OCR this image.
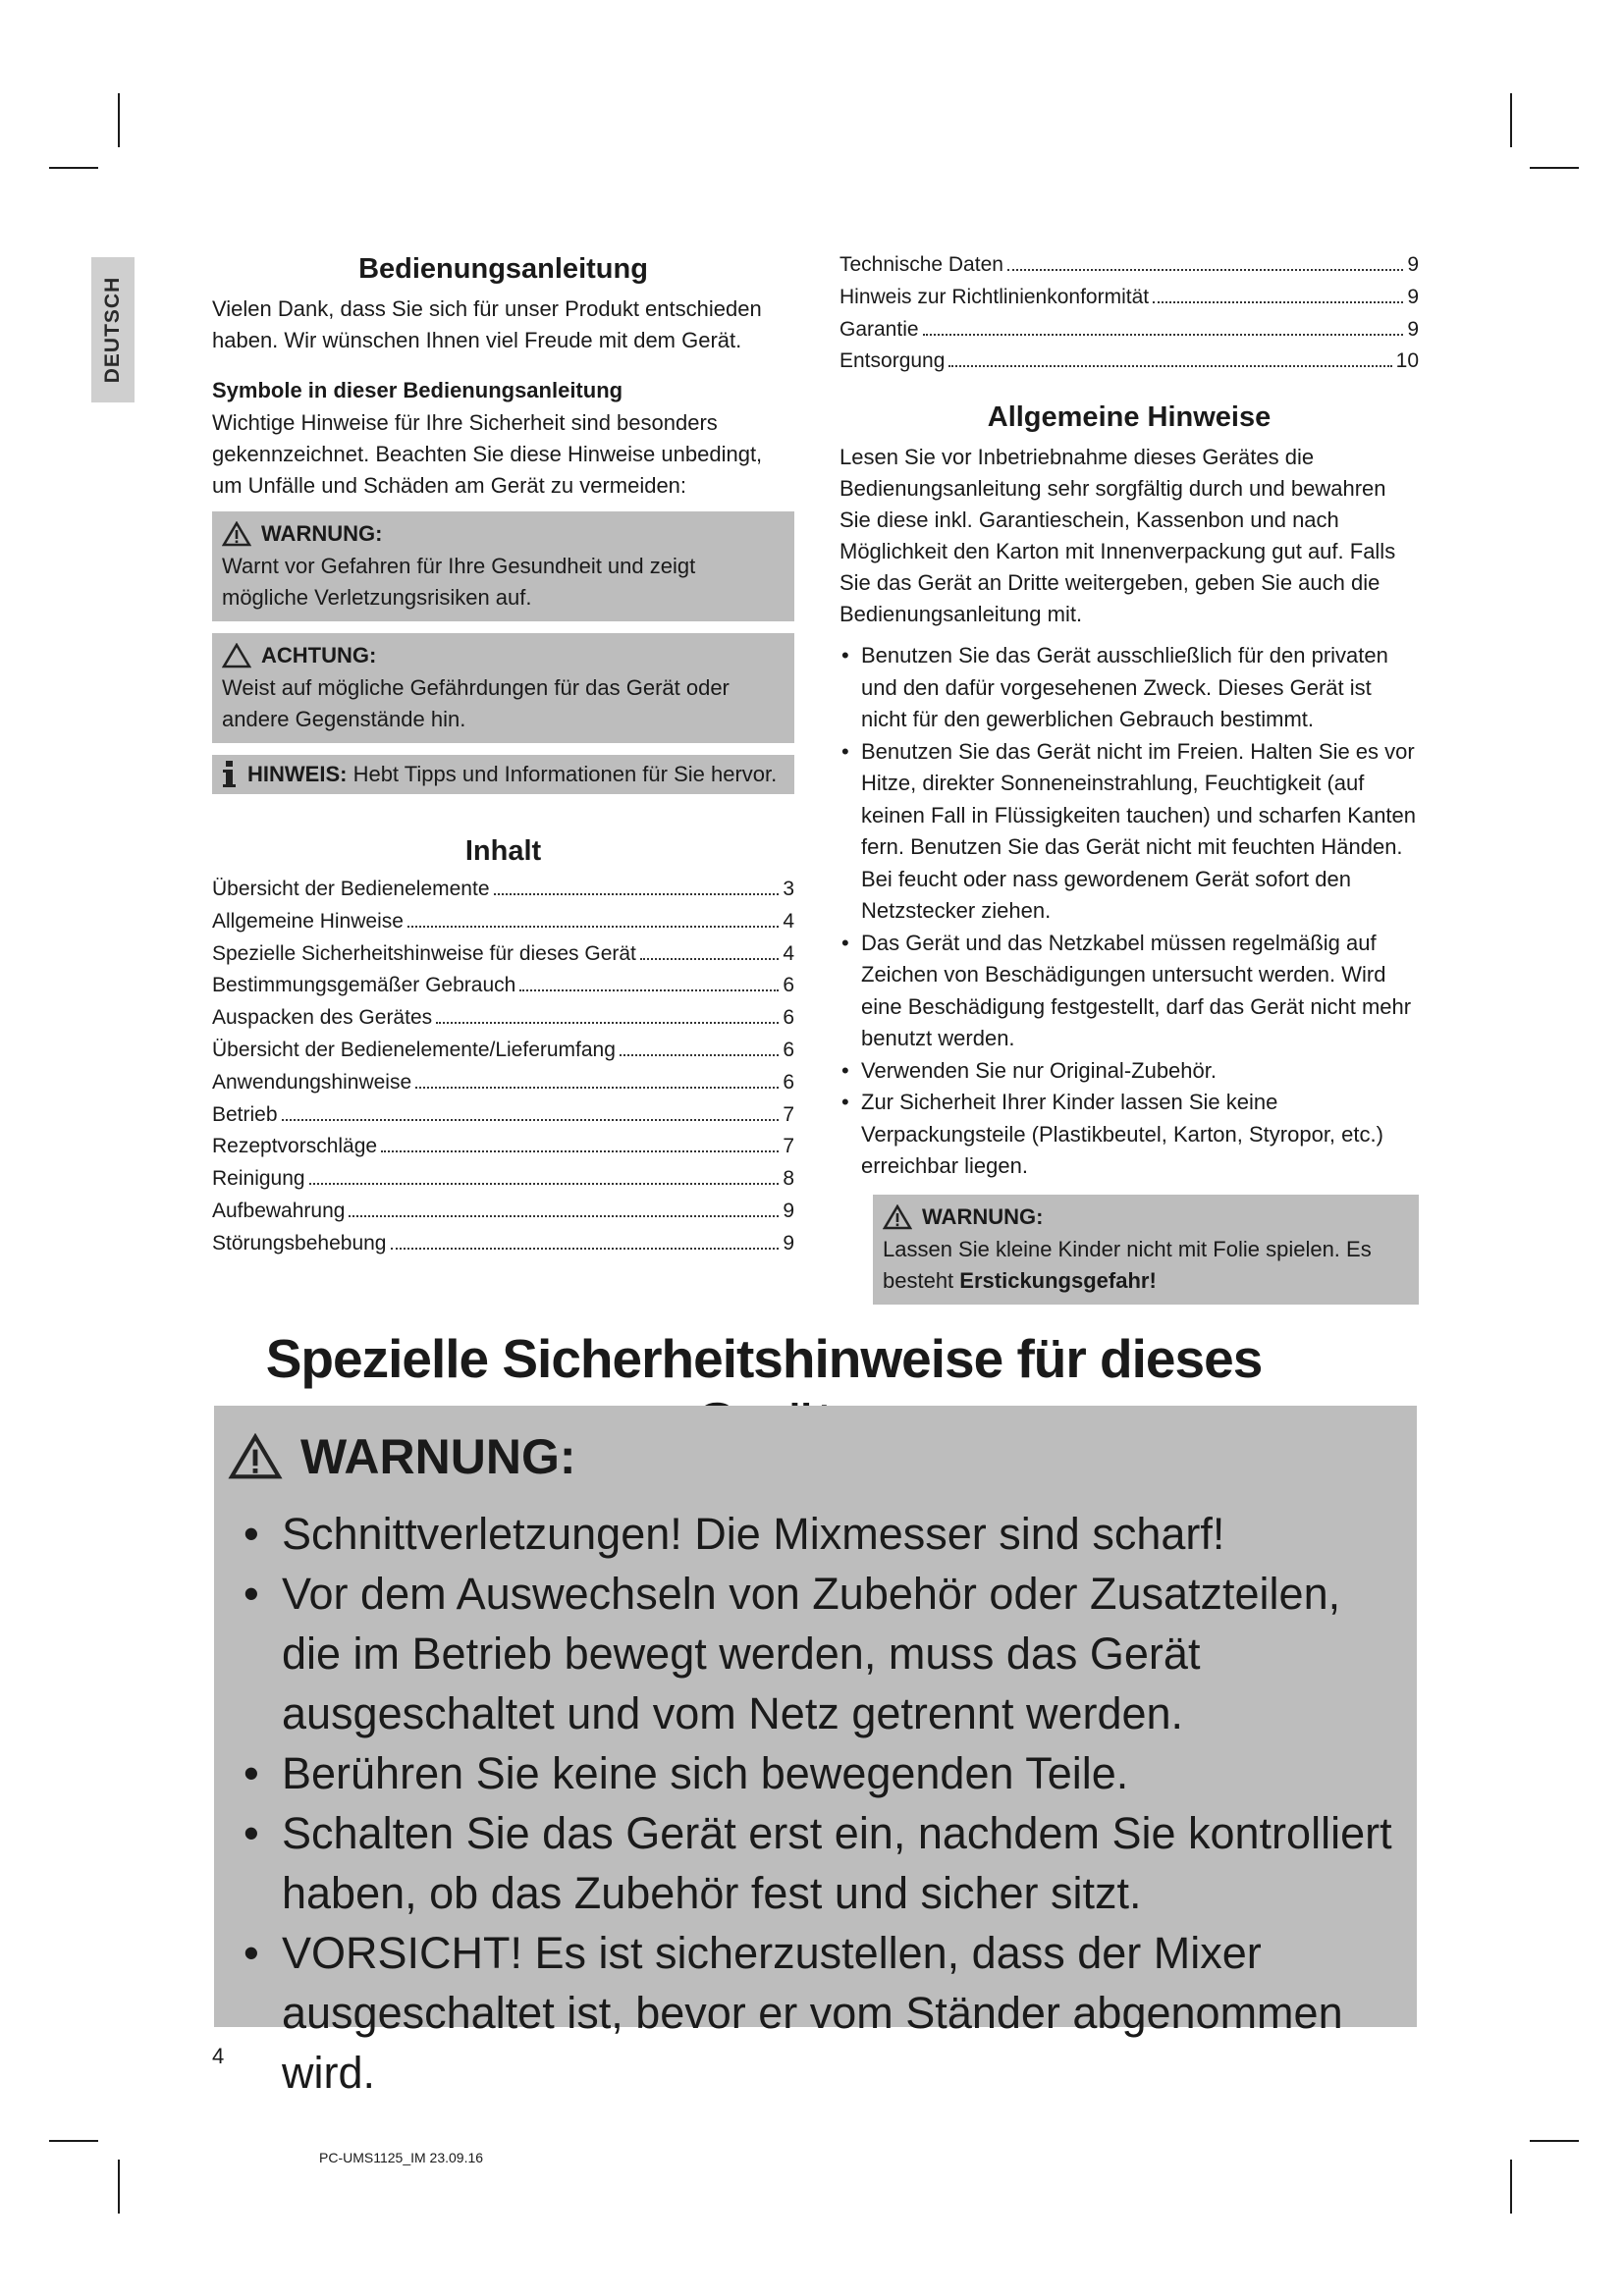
DEUTSCH
Bedienungsanleitung

Vielen Dank, dass Sie sich für unser Produkt entschieden haben. Wir wünschen Ihnen viel Freude mit dem Gerät.

Symbole in dieser Bedienungsanleitung

Wichtige Hinweise für Ihre Sicherheit sind besonders gekennzeichnet. Beachten Sie diese Hinweise unbedingt, um Unfälle und Schäden am Gerät zu vermeiden:

WARNUNG:

Warnt vor Gefahren für Ihre Gesundheit und zeigt mögliche Verletzungsrisiken auf.

ACHTUNG:

Weist auf mögliche Gefährdungen für das Gerät oder andere Gegenstände hin.

HINWEIS: Hebt Tipps und Informationen für Sie hervor.
Inhalt
Übersicht der Bedienelemente	3
Allgemeine Hinweise	4
Spezielle Sicherheitshinweise für dieses Gerät	4
Bestimmungsgemäßer Gebrauch	6
Auspacken des Gerätes	6
Übersicht der Bedienelemente/Lieferumfang	6
Anwendungshinweise	6
Betrieb	7
Rezeptvorschläge	7
Reinigung	8
Aufbewahrung	9
Störungsbehebung	9
Technische Daten	9
Hinweis zur Richtlinienkonformität	9
Garantie	9
Entsorgung	10
Allgemeine Hinweise

Lesen Sie vor Inbetriebnahme dieses Gerätes die Bedienungsanleitung sehr sorgfältig durch und bewahren Sie diese inkl. Garantieschein, Kassenbon und nach Möglichkeit den Karton mit Innenverpackung gut auf. Falls Sie das Gerät an Dritte weitergeben, geben Sie auch die Bedienungsanleitung mit.

• Benutzen Sie das Gerät ausschließlich für den privaten und den dafür vorgesehenen Zweck. Dieses Gerät ist nicht für den gewerblichen Gebrauch bestimmt.
• Benutzen Sie das Gerät nicht im Freien. Halten Sie es vor Hitze, direkter Sonneneinstrahlung, Feuchtigkeit (auf keinen Fall in Flüssigkeiten tauchen) und scharfen Kanten fern. Benutzen Sie das Gerät nicht mit feuchten Händen. Bei feucht oder nass gewordenem Gerät sofort den Netzstecker ziehen.
• Das Gerät und das Netzkabel müssen regelmäßig auf Zeichen von Beschädigungen untersucht werden. Wird eine Beschädigung festgestellt, darf das Gerät nicht mehr benutzt werden.
• Verwenden Sie nur Original-Zubehör.
• Zur Sicherheit Ihrer Kinder lassen Sie keine Verpackungsteile (Plastikbeutel, Karton, Styropor, etc.) erreichbar liegen.
WARNUNG:

Lassen Sie kleine Kinder nicht mit Folie spielen. Es besteht Erstickungsgefahr!

Spezielle Sicherheitshinweise für dieses
WARNUNG:
• Schnittverletzungen! Die Mixmesser sind scharf!
• Vor dem Auswechseln von Zubehör oder Zusatzteilen, die im Betrieb bewegt werden, muss das Gerät ausgeschaltet und vom Netz getrennt werden.
• Berühren Sie keine sich bewegenden Teile.
• Schalten Sie das Gerät erst ein, nachdem Sie kontrolliert haben, ob das Zubehör fest und sicher sitzt.
• VORSICHT! Es ist sicherzustellen, dass der Mixer ausgeschaltet ist, bevor er vom Ständer abgenommen wird.
4
PC-UMS1125_IM 23.09.16
